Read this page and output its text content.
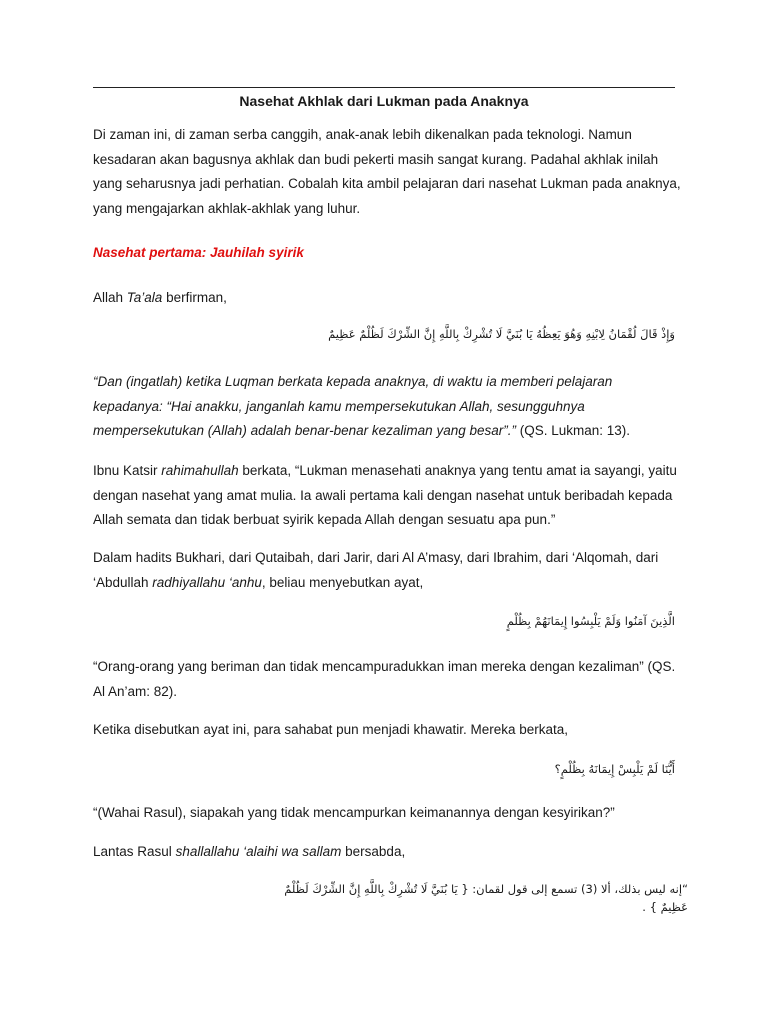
Nasehat Akhlak dari Lukman pada Anaknya

Di zaman ini, di zaman serba canggih, anak-anak lebih dikenalkan pada teknologi. Namun kesadaran akan bagusnya akhlak dan budi pekerti masih sangat kurang. Padahal akhlak inilah yang seharusnya jadi perhatian. Cobalah kita ambil pelajaran dari nasehat Lukman pada anaknya, yang mengajarkan akhlak-akhlak yang luhur.

Nasehat pertama: Jauhilah syirik

Allah Ta’ala berfirman,

وَإِذْ قَالَ لُقْمَانُ لِابْنِهِ وَهُوَ يَعِظُهُ يَا بُنَيَّ لَا تُشْرِكْ بِاللَّهِ إِنَّ الشِّرْكَ لَظُلْمٌ عَظِيمٌ

“Dan (ingatlah) ketika Luqman berkata kepada anaknya, di waktu ia memberi pelajaran kepadanya: “Hai anakku, janganlah kamu mempersekutukan Allah, sesungguhnya mempersekutukan (Allah) adalah benar-benar kezaliman yang besar”.” (QS. Lukman: 13).

Ibnu Katsir rahimahullah berkata, “Lukman menasehati anaknya yang tentu amat ia sayangi, yaitu dengan nasehat yang amat mulia. Ia awali pertama kali dengan nasehat untuk beribadah kepada Allah semata dan tidak berbuat syirik kepada Allah dengan sesuatu apa pun.”

Dalam hadits Bukhari, dari Qutaibah, dari Jarir, dari Al A’masy, dari Ibrahim, dari ‘Alqomah, dari ‘Abdullah radhiyallahu ‘anhu, beliau menyebutkan ayat,

الَّذِينَ آمَنُوا وَلَمْ يَلْبِسُوا إِيمَانَهُمْ بِظُلْمٍ

“Orang-orang yang beriman dan tidak mencampuradukkan iman mereka dengan kezaliman” (QS. Al An’am: 82).

Ketika disebutkan ayat ini, para sahabat pun menjadi khawatir. Mereka berkata,

أَيُّنَا لَمْ يَلْبِسْ إِيمَانَهُ بِظُلْمٍ؟

“(Wahai Rasul), siapakah yang tidak mencampurkan keimanannya dengan kesyirikan?”

Lantas Rasul shallallahu ‘alaihi wa sallam bersabda,

“إنه ليس بذلك، ألا (3) تسمع إلى قول لقمان: { يَا بُنَيَّ لَا تُشْرِكْ بِاللَّهِ إِنَّ الشِّرْكَ لَظُلْمٌ عَظِيمٌ } .
